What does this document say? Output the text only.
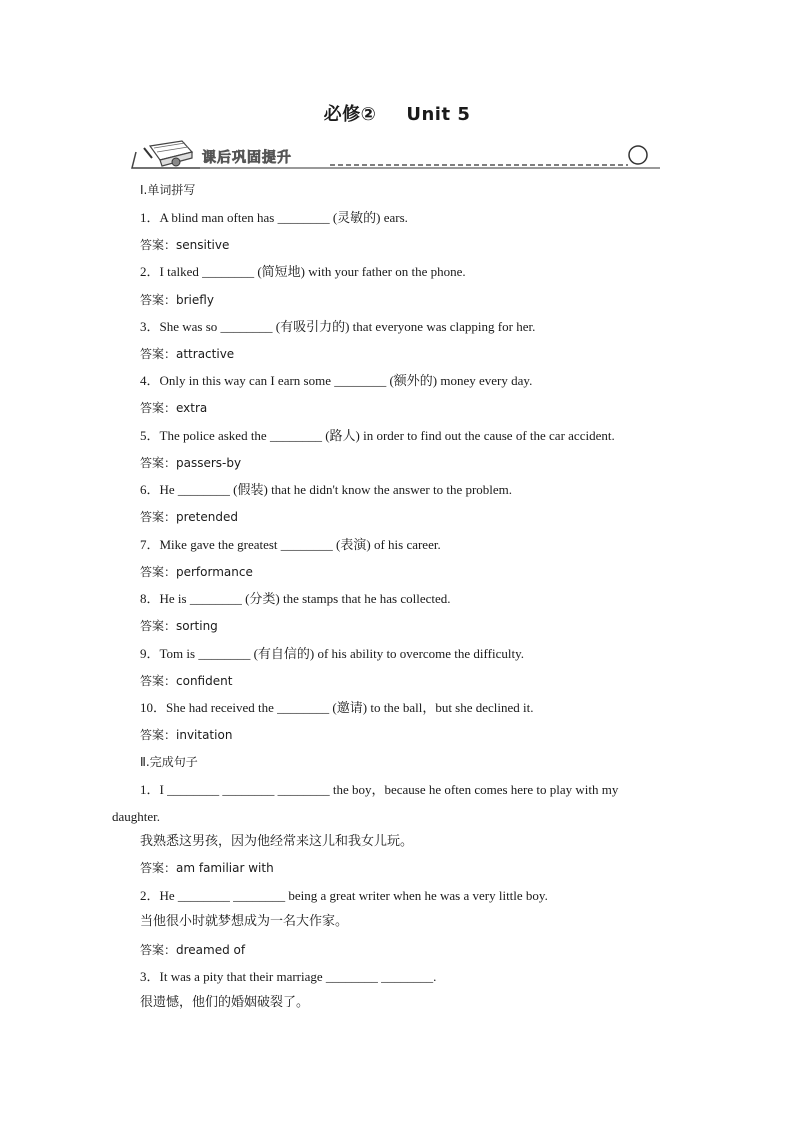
必修② Unit 5
课后巩固提升
Ⅰ.单词拼写
1．A blind man often has ________ (灵敏的) ears.
答案：sensitive
2．I talked ________ (简短地) with your father on the phone.
答案：briefly
3．She was so ________ (有吸引力的) that everyone was clapping for her.
答案：attractive
4．Only in this way can I earn some ________ (额外的) money every day.
答案：extra
5．The police asked the ________ (路人) in order to find out the cause of the car accident.
答案：passers-by
6．He ________ (假装) that he didn't know the answer to the problem.
答案：pretended
7．Mike gave the greatest ________ (表演) of his career.
答案：performance
8．He is ________ (分类) the stamps that he has collected.
答案：sorting
9．Tom is ________ (有自信的) of his ability to overcome the difficulty.
答案：confident
10．She had received the ________ (邀请) to the ball，but she declined it.
答案：invitation
Ⅱ.完成句子
1．I ________ ________ ________ the boy，because he often comes here to play with my
daughter.
我熟悉这男孩，因为他经常来这儿和我女儿玩。
答案：am familiar with
2．He ________ ________ being a great writer when he was a very little boy.
当他很小时就梦想成为一名大作家。
答案：dreamed of
3．It was a pity that their marriage ________ ________.
很遗憾，他们的婚姻破裂了。
